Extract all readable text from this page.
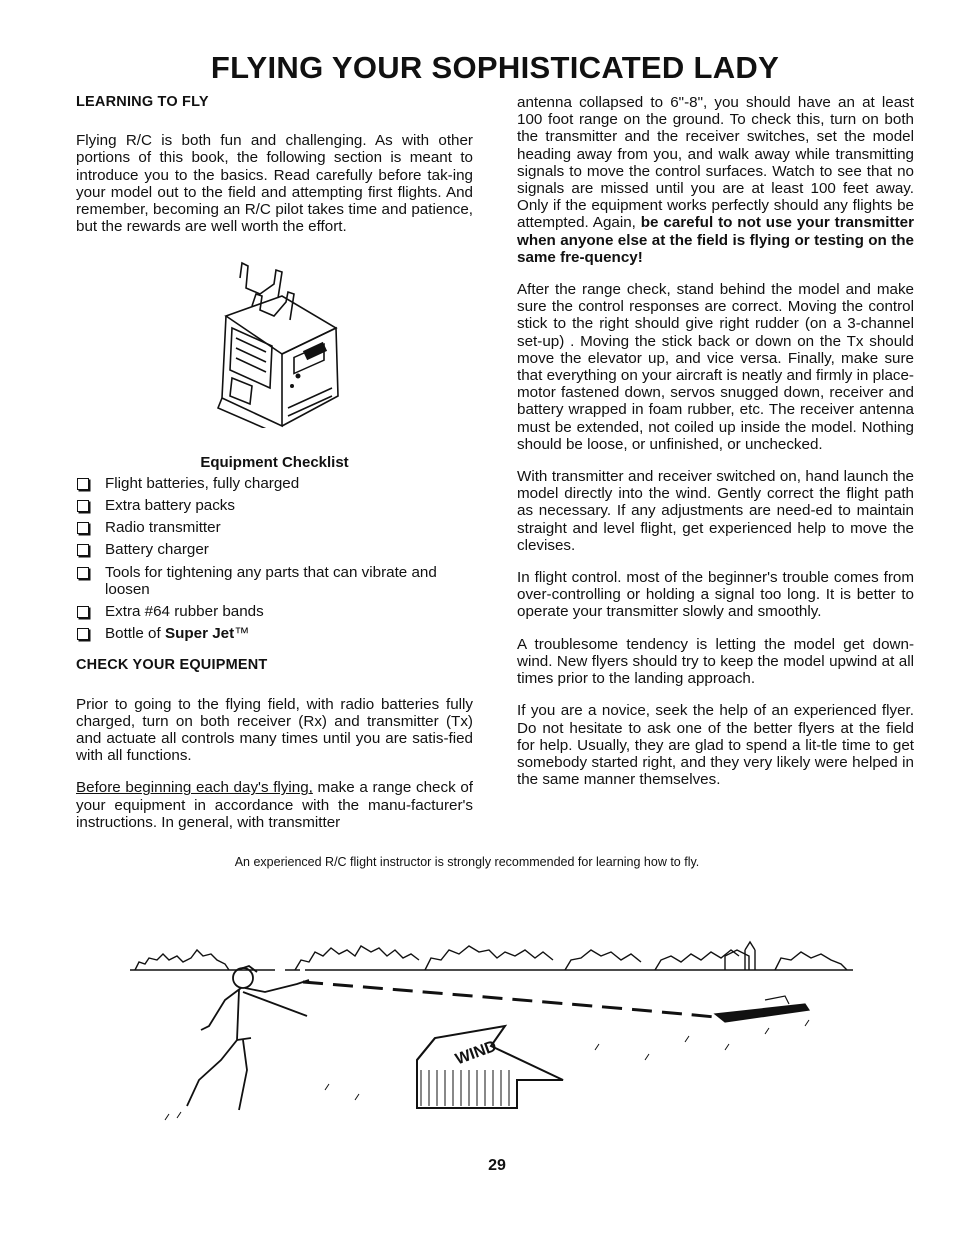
FLYING YOUR SOPHISTICATED LADY
LEARNING TO FLY

Flying R/C is both fun and challenging. As with other portions of this book, the following section is meant to introduce you to the basics. Read carefully before tak-ing your model out to the field and attempting first flights. And remember, becoming an R/C pilot takes time and patience, but the rewards are well worth the effort.

Equipment Checklist
Flight batteries, fully charged
Extra battery packs
Radio transmitter
Battery charger
Tools for tightening any parts that can vibrate and loosen
Extra #64 rubber bands
Bottle of Super Jet™
CHECK YOUR EQUIPMENT

Prior to going to the flying field, with radio batteries fully charged, turn on both receiver (Rx) and transmitter (Tx) and actuate all controls many times until you are satis-fied with all functions.

Before beginning each day's flying, make a range check of your equipment in accordance with the manu-facturer's instructions. In general, with transmitter

antenna collapsed to 6"-8", you should have an at least 100 foot range on the ground. To check this, turn on both the transmitter and the receiver switches, set the model heading away from you, and walk away while transmitting signals to move the control surfaces. Watch to see that no signals are missed until you are at least 100 feet away. Only if the equipment works perfectly should any flights be attempted. Again, be careful to not use your transmitter when anyone else at the field is flying or testing on the same fre-quency!

After the range check, stand behind the model and make sure the control responses are correct. Moving the control stick to the right should give right rudder (on a 3-channel set-up) . Moving the stick back or down on the Tx should move the elevator up, and vice versa. Finally, make sure that everything on your aircraft is neatly and firmly in place-motor fastened down, servos snugged down, receiver and battery wrapped in foam rubber, etc. The receiver antenna must be extended, not coiled up inside the model. Nothing should be loose, or unfinished, or unchecked.

With transmitter and receiver switched on, hand launch the model directly into the wind. Gently correct the flight path as necessary. If any adjustments are need-ed to maintain straight and level flight, get experienced help to move the clevises.

In flight control. most of the beginner's trouble comes from over-controlling or holding a signal too long. It is better to operate your transmitter slowly and smoothly.

A troublesome tendency is letting the model get down-wind. New flyers should try to keep the model upwind at all times prior to the landing approach.

If you are a novice, seek the help of an experienced flyer. Do not hesitate to ask one of the better flyers at the field for help. Usually, they are glad to spend a lit-tle time to get somebody started right, and they very likely were helped in the same manner themselves.

An experienced R/C flight instructor is strongly recommended for learning how to fly.
WIND
29
